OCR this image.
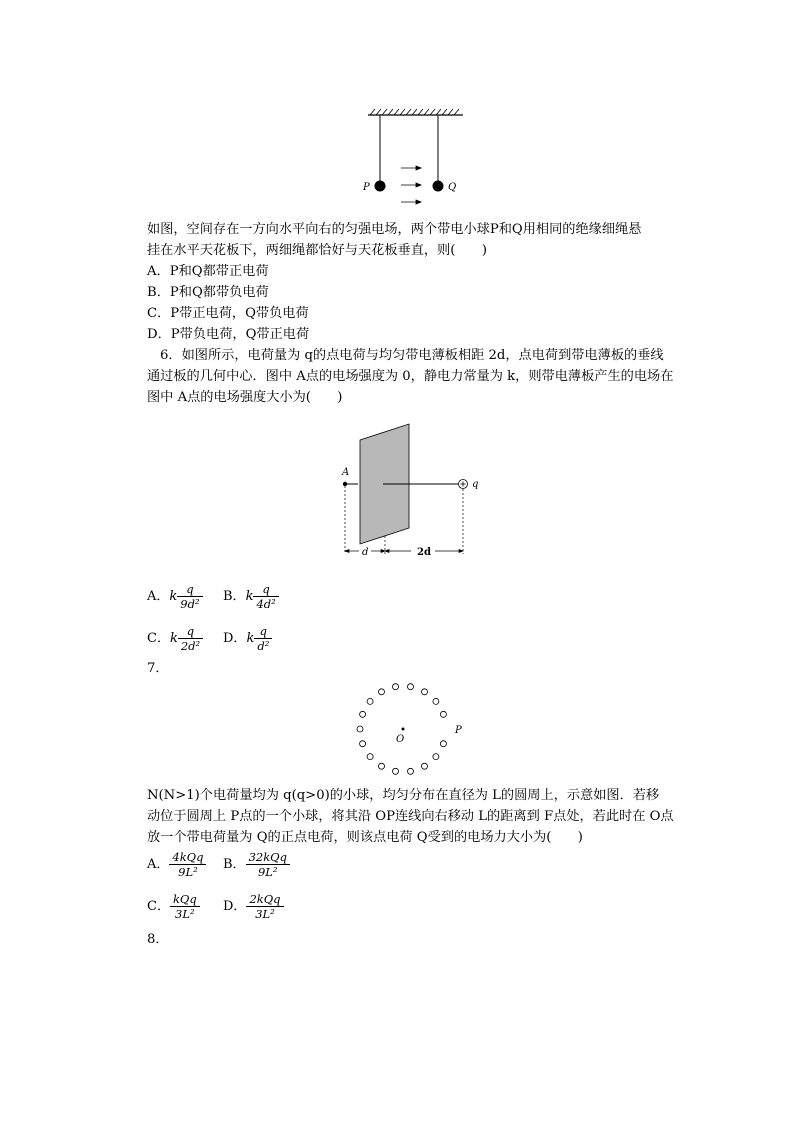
P	Q
如图，空间存在一方向水平向右的匀强电场，两个带电小球P和Q用相同的绝缘细绳悬
挂在水平天花板下，两细绳都恰好与天花板垂直，则(　　)
A．P和Q都带正电荷
B．P和Q都带负电荷
C．P带正电荷，Q带负电荷
D．P带负电荷，Q带正电荷
6．如图所示，电荷量为 q的点电荷与均匀带电薄板相距 2d，点电荷到带电薄板的垂线
通过板的几何中心．图中 A点的电场强度为 0，静电力常量为 k，则带电薄板产生的电场在
图中 A点的电场强度大小为(　　)
A
q
d	2d
A．k $\frac{q}{\text{9d²}}$ B．k $\frac{q}{\text{4d²}}$
C．k $\frac{q}{\text{2d²}}$ D．k $\frac{q}{\text{d²}}$
7．
O
P
N(N>1)个电荷量均为 q(q>0)的小球，均匀分布在直径为 L的圆周上，示意如图．若移
动位于圆周上 P点的一个小球，将其沿 OP连线向右移动 L的距离到 F点处，若此时在 O点
放一个带电荷量为 Q的正点电荷，则该点电荷 Q受到的电场力大小为(　　)
A． $\frac{\text{4kQq}}{\text{9L²}}$ B． $\frac{\text{32kQq}}{\text{9L²}}$
C． $\frac{\text{kQq}}{\text{3L²}}$ D． $\frac{\text{2kQq}}{\text{3L²}}$
8．
